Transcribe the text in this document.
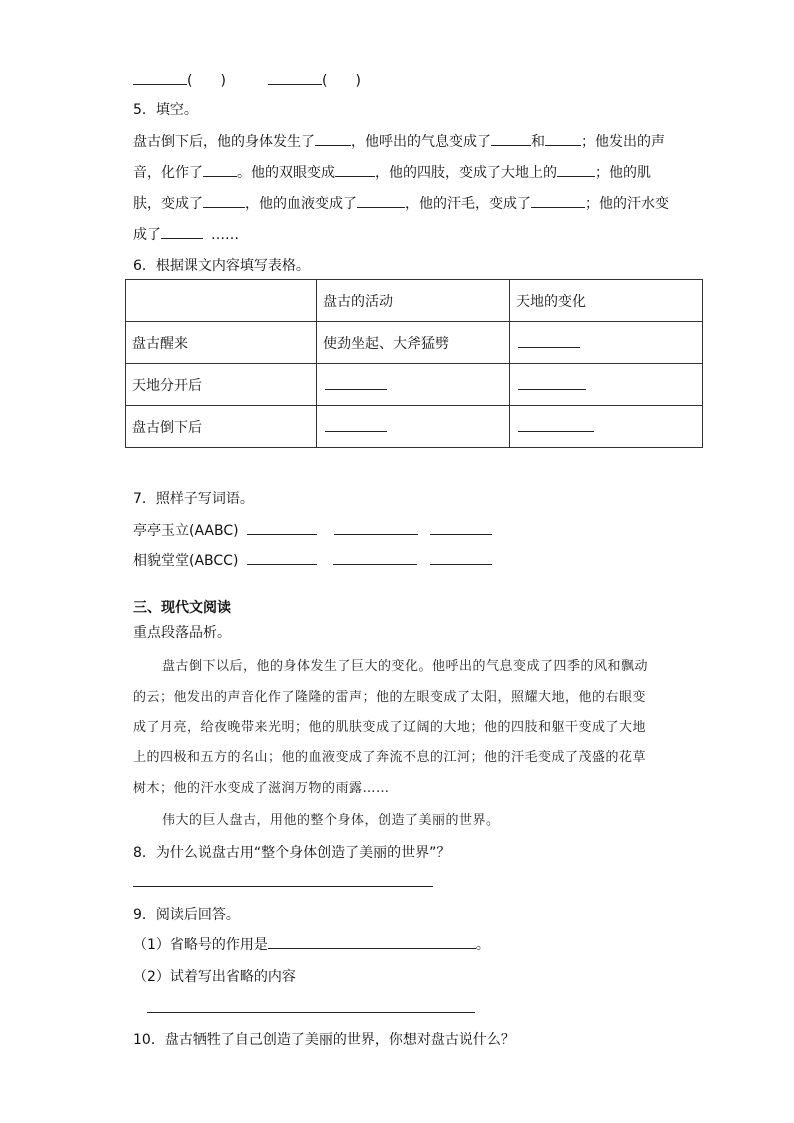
(　　)	(　　)
5．填空。
盘古倒下后，他的身体发生了	，他呼出的气息变成了	和	；他发出的声
音，化作了 。他的双眼变成	，他的四肢，变成了大地上的	；他的肌
肤，变成了	，他的血液变成了	，他的汗毛，变成了	；他的汗水变
成了	……
6．根据课文内容填写表格。
	盘古的活动	天地的变化
盘古醒来	使劲坐起、大斧猛劈	
天地分开后		
盘古倒下后		
7．照样子写词语。
亭亭玉立(AABC)
相貌堂堂(ABCC)
三、现代文阅读
重点段落品析。
盘古倒下以后，他的身体发生了巨大的变化。他呼出的气息变成了四季的风和飘动
的云；他发出的声音化作了隆隆的雷声；他的左眼变成了太阳，照耀大地，他的右眼变
成了月亮，给夜晚带来光明；他的肌肤变成了辽阔的大地；他的四肢和躯干变成了大地
上的四极和五方的名山；他的血液变成了奔流不息的江河；他的汗毛变成了茂盛的花草
树木；他的汗水变成了滋润万物的雨露……
伟大的巨人盘古，用他的整个身体，创造了美丽的世界。
8．为什么说盘古用“整个身体创造了美丽的世界”？
9．阅读后回答。
（1）省略号的作用是	。
（2）试着写出省略的内容
10．盘古牺牲了自己创造了美丽的世界，你想对盘古说什么？
